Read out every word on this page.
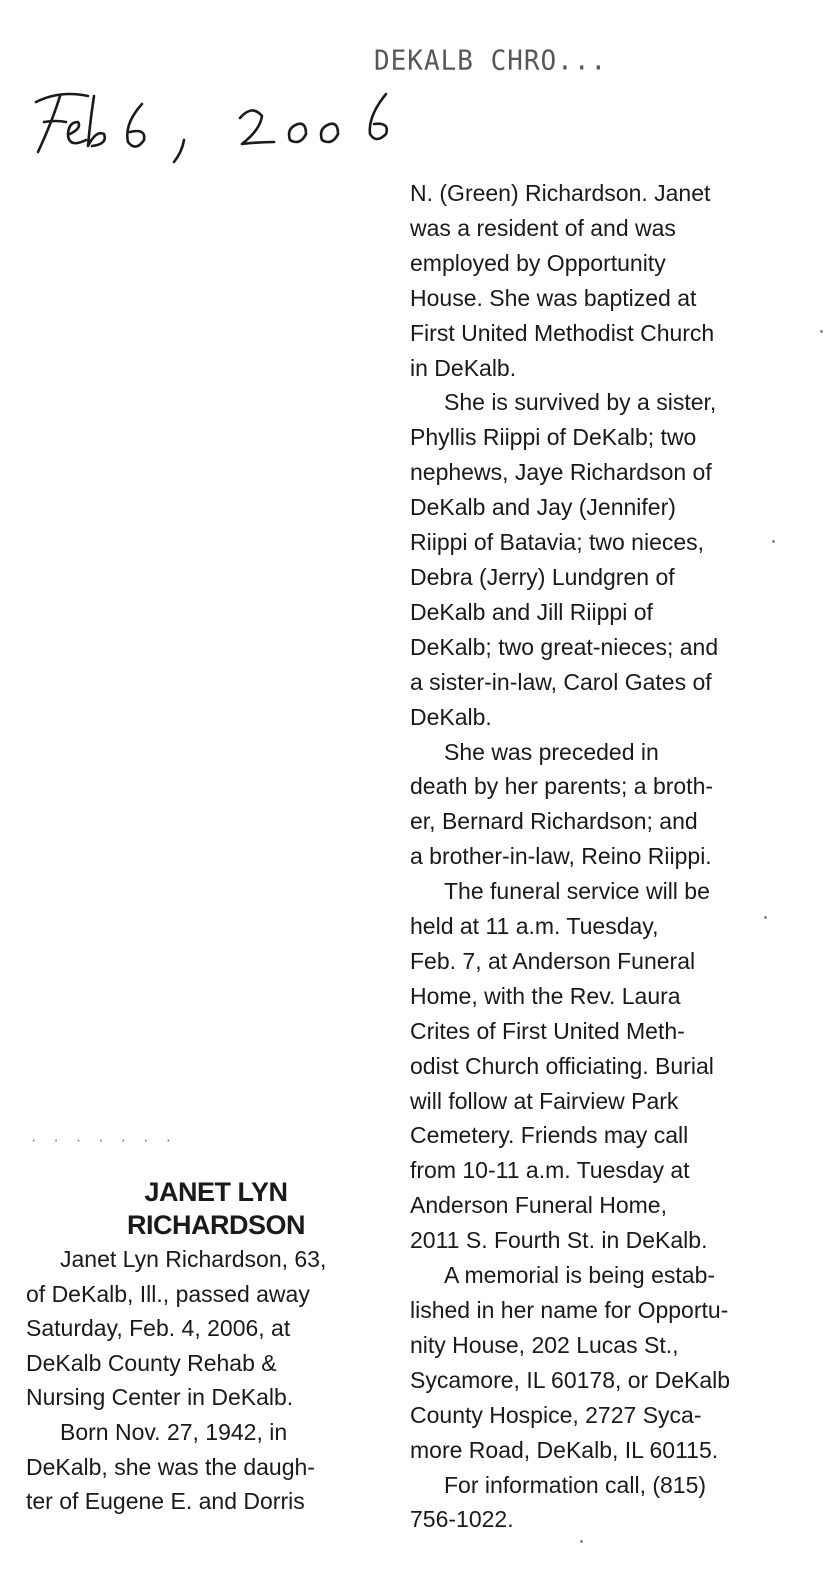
DEKALB CHRO...
· · · · · · ·
N. (Green) Richardson. Janet
was a resident of and was
employed by Opportunity
House. She was baptized at
First United Methodist Church
in DeKalb.
She is survived by a sister,
Phyllis Riippi of DeKalb; two
nephews, Jaye Richardson of
DeKalb and Jay (Jennifer)
Riippi of Batavia; two nieces,
Debra (Jerry) Lundgren of
DeKalb and Jill Riippi of
DeKalb; two great-nieces; and
a sister-in-law, Carol Gates of
DeKalb.
She was preceded in
death by her parents; a broth-
er, Bernard Richardson; and
a brother-in-law, Reino Riippi.
The funeral service will be
held at 11 a.m. Tuesday,
Feb. 7, at Anderson Funeral
Home, with the Rev. Laura
Crites of First United Meth-
odist Church officiating. Burial
will follow at Fairview Park
Cemetery. Friends may call
from 10-11 a.m. Tuesday at
Anderson Funeral Home,
2011 S. Fourth St. in DeKalb.
A memorial is being estab-
lished in her name for Opportu-
nity House, 202 Lucas St.,
Sycamore, IL 60178, or DeKalb
County Hospice, 2727 Syca-
more Road, DeKalb, IL 60115.
For information call, (815)
756-1022.
JANET LYN
RICHARDSON
Janet Lyn Richardson, 63,
of DeKalb, Ill., passed away
Saturday, Feb. 4, 2006, at
DeKalb County Rehab &
Nursing Center in DeKalb.
Born Nov. 27, 1942, in
DeKalb, she was the daugh-
ter of Eugene E. and Dorris
